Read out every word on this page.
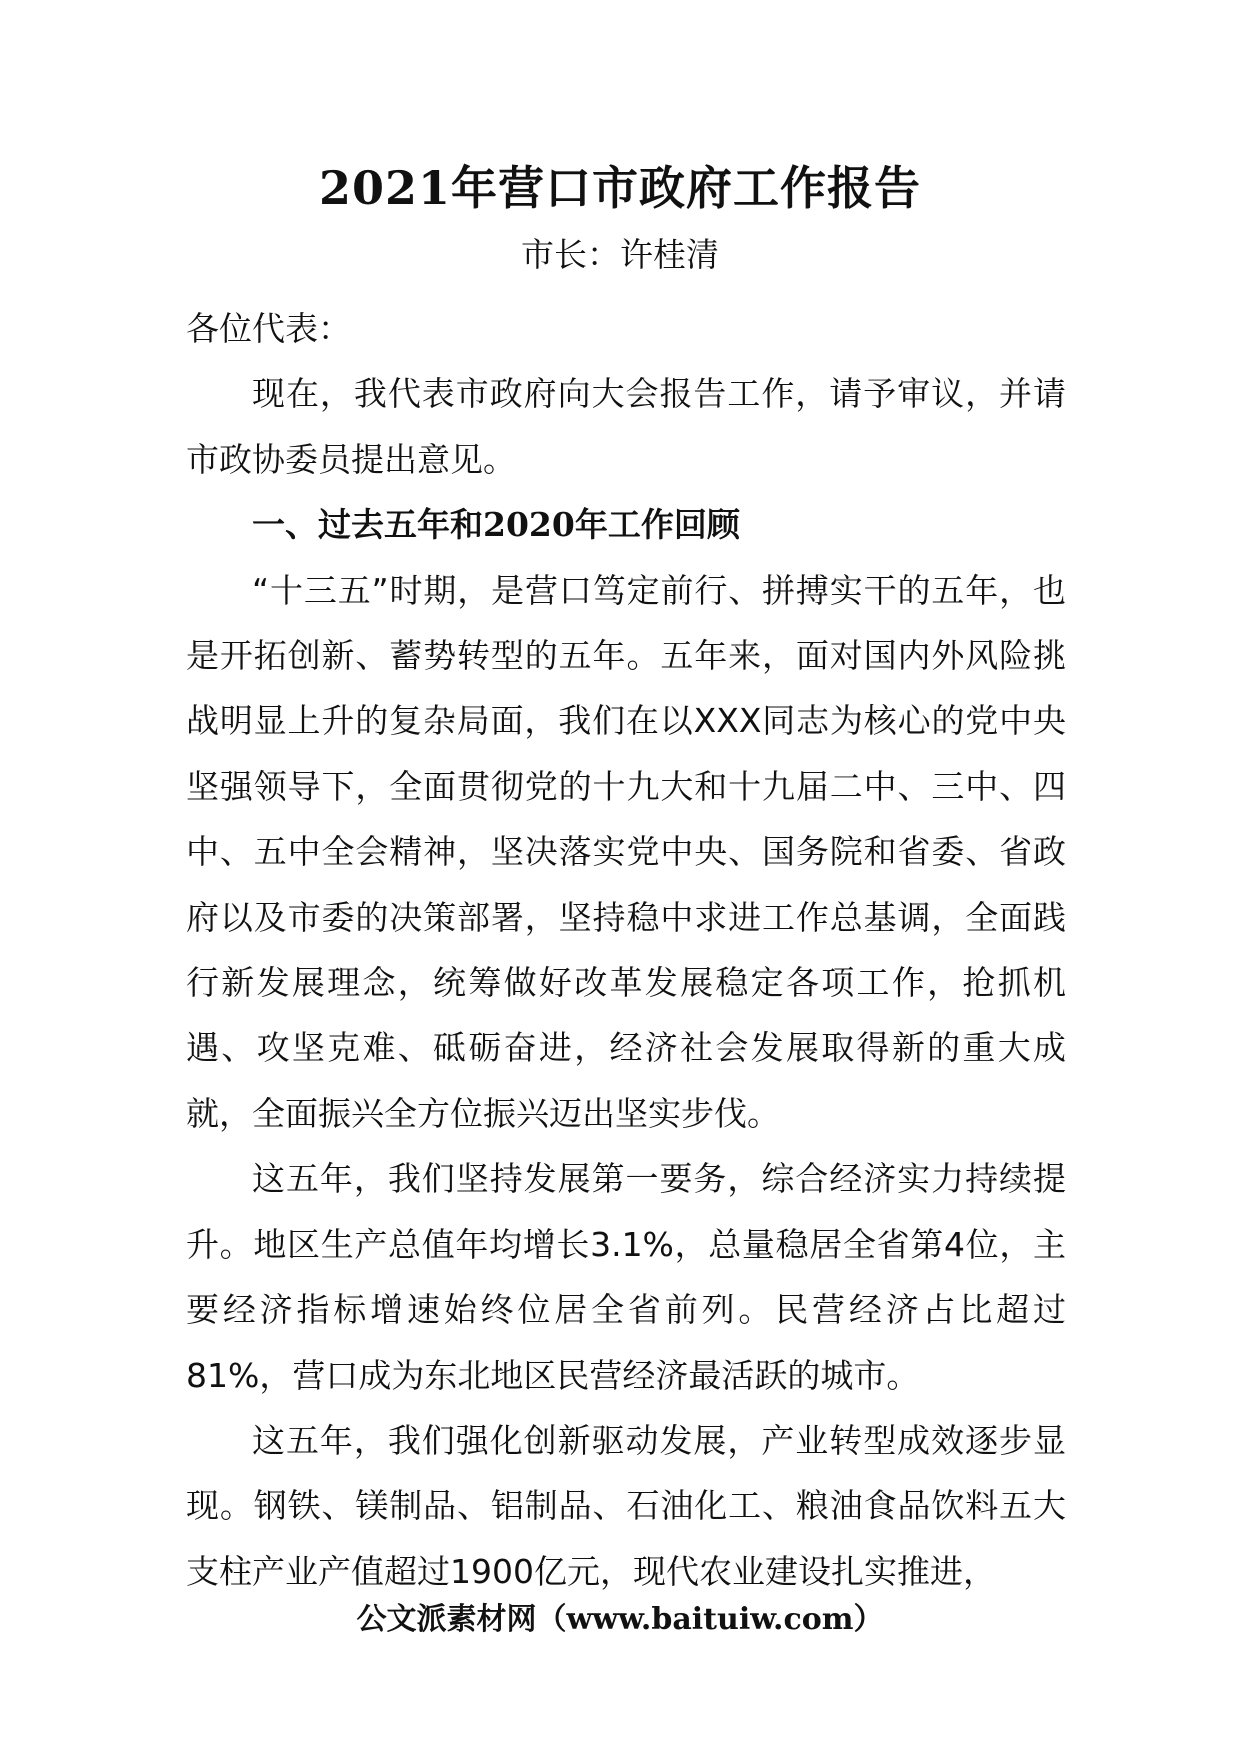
2021年营口市政府工作报告
市长：许桂清

各位代表：

现在，我代表市政府向大会报告工作，请予审议，并请市政协委员提出意见。

一、过去五年和2020年工作回顾

“十三五”时期，是营口笃定前行、拼搏实干的五年，也是开拓创新、蓄势转型的五年。五年来，面对国内外风险挑战明显上升的复杂局面，我们在以XXX同志为核心的党中央坚强领导下，全面贯彻党的十九大和十九届二中、三中、四中、五中全会精神，坚决落实党中央、国务院和省委、省政府以及市委的决策部署，坚持稳中求进工作总基调，全面践行新发展理念，统筹做好改革发展稳定各项工作，抢抓机遇、攻坚克难、砥砺奋进，经济社会发展取得新的重大成就，全面振兴全方位振兴迈出坚实步伐。

这五年，我们坚持发展第一要务，综合经济实力持续提升。地区生产总值年均增长3.1%，总量稳居全省第4位，主要经济指标增速始终位居全省前列。民营经济占比超过81%，营口成为东北地区民营经济最活跃的城市。

这五年，我们强化创新驱动发展，产业转型成效逐步显现。钢铁、镁制品、铝制品、石油化工、粮油食品饮料五大支柱产业产值超过1900亿元，现代农业建设扎实推进，

公文派素材网（www.baituiw.com）
